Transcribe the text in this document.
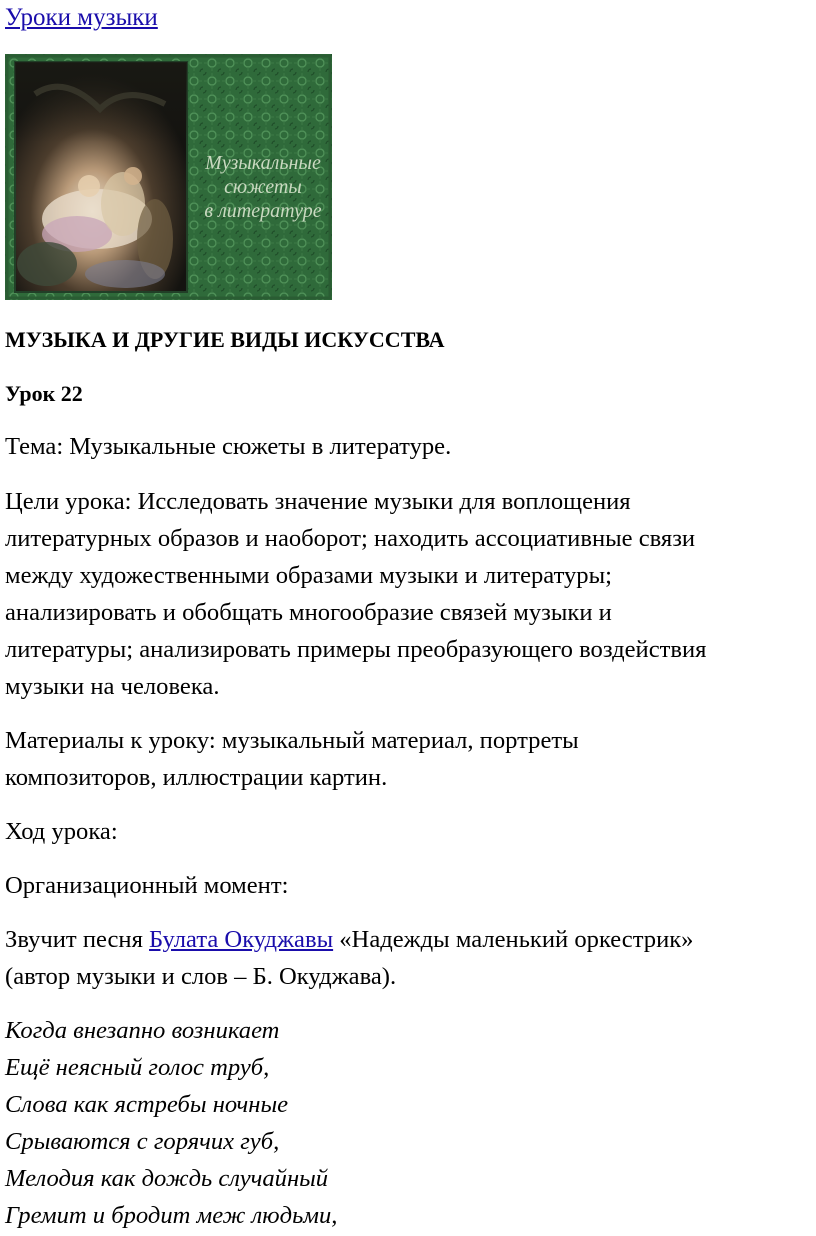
Уроки музыки
Музыкальные
сюжеты
в литературе
МУЗЫКА И ДРУГИЕ ВИДЫ ИСКУССТВА
Урок 22
Тема: Музыкальные сюжеты в литературе.
Цели урока: Исследовать значение музыки для воплощения
литературных образов и наоборот; находить ассоциативные связи
между художественными образами музыки и литературы;
анализировать и обобщать многообразие связей музыки и
литературы; анализировать примеры преобразующего воздействия
музыки на человека.
Материалы к уроку: музыкальный материал, портреты
композиторов, иллюстрации картин.
Ход урока:
Организационный момент:
Звучит песня Булата Окуджавы «Надежды маленький оркестрик»
(автор музыки и слов – Б. Окуджава).
Когда внезапно возникает
Ещё неясный голос труб,
Слова как ястребы ночные
Срываются с горячих губ,
Мелодия как дождь случайный
Гремит и бродит меж людьми,
